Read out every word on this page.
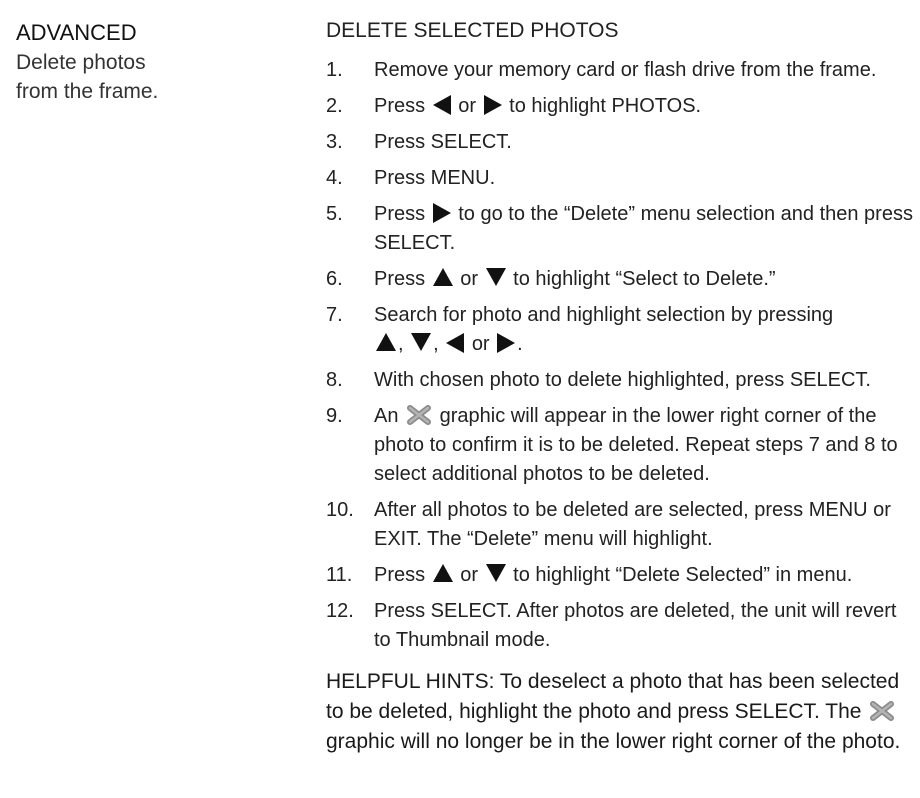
ADVANCED
Delete photos
from the frame.
DELETE SELECTED PHOTOS
1.	Remove your memory card or flash drive from the frame.
2.	Press or to highlight PHOTOS.
3.	Press SELECT.
4.	Press MENU.
5.	Press to go to the “Delete” menu selection and then press SELECT.
6.	Press or to highlight “Select to Delete.”
7.	Search for photo and highlight selection by pressing
, , or .
8.	With chosen photo to delete highlighted, press SELECT.
9.	An graphic will appear in the lower right corner of the photo to confirm it is to be deleted. Repeat steps 7 and 8 to select additional photos to be deleted.
10.	After all photos to be deleted are selected, press MENU or EXIT. The “Delete” menu will highlight.
11.	Press or to highlight “Delete Selected” in menu.
12.	Press SELECT. After photos are deleted, the unit will revert to Thumbnail mode.
HELPFUL HINTS: To deselect a photo that has been selected to be deleted, highlight the photo and press SELECT. The  graphic will no longer be in the lower right corner of the photo.
